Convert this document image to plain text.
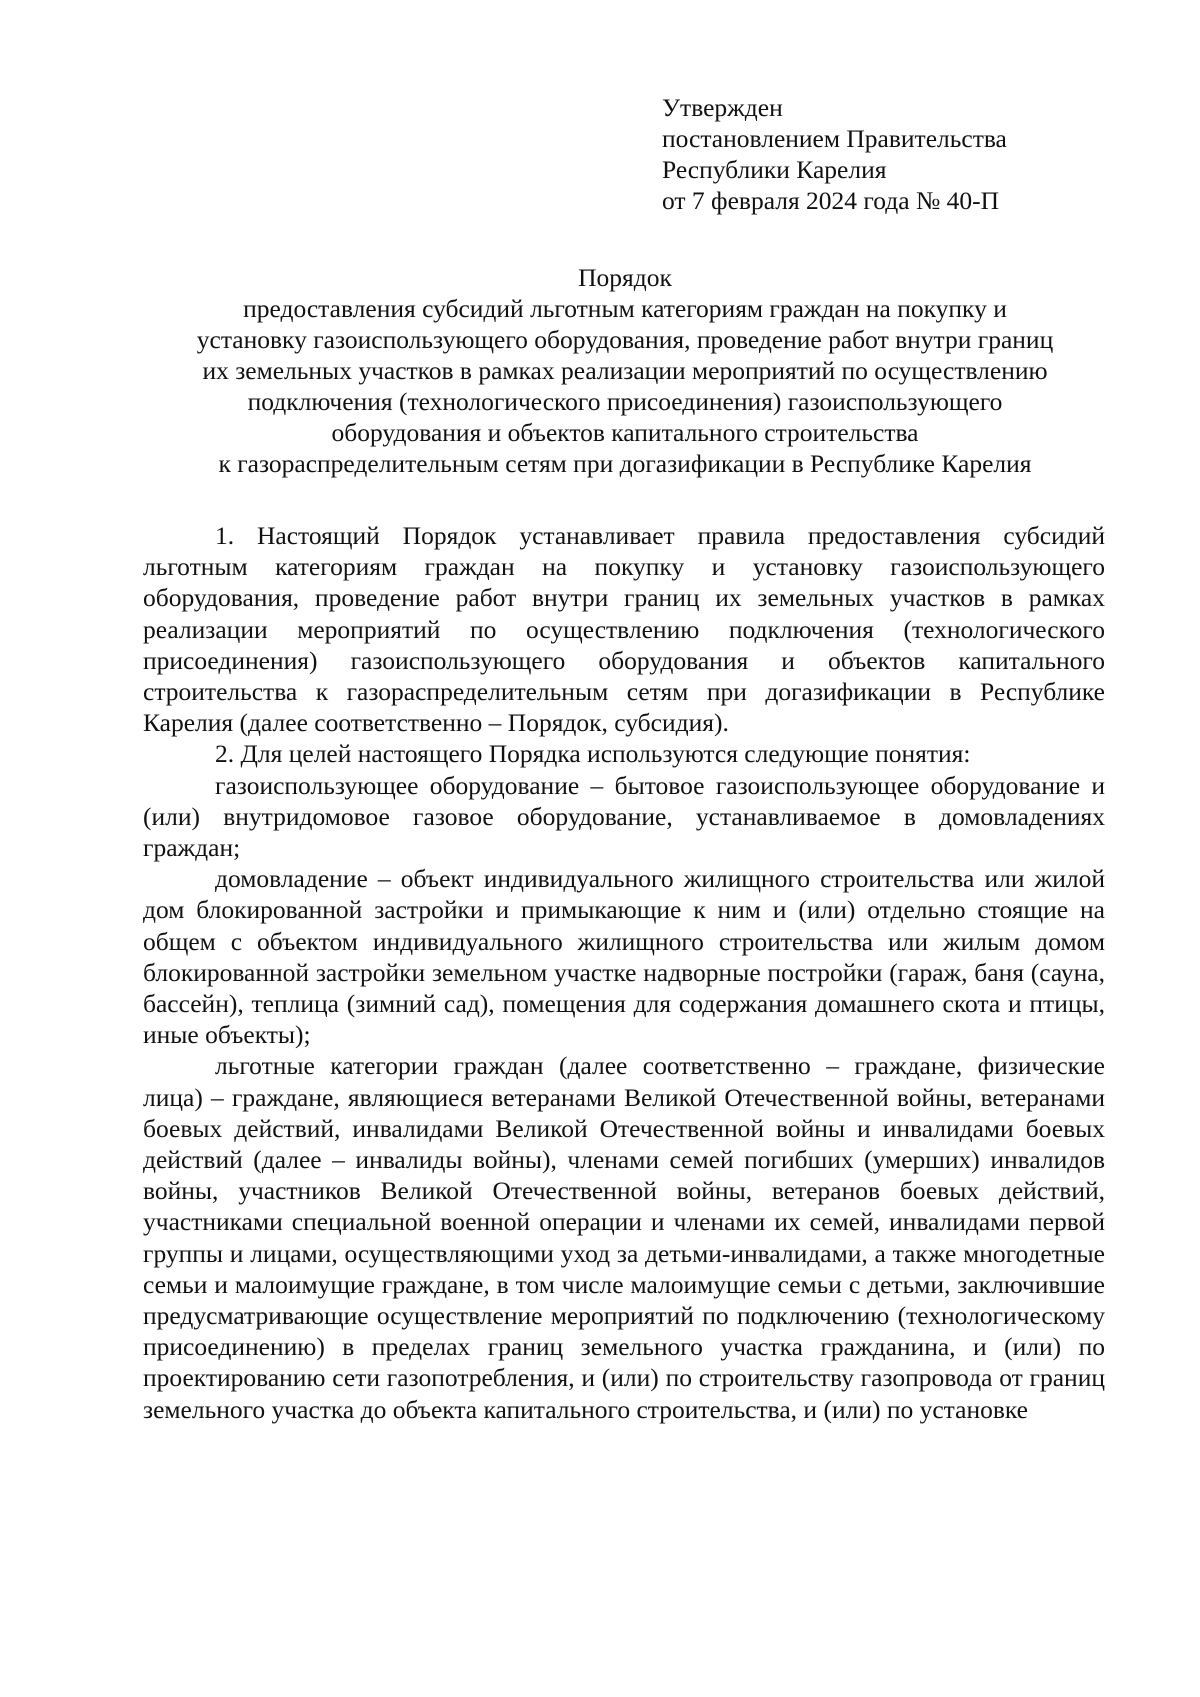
Утвержден
постановлением Правительства
Республики Карелия
от 7 февраля 2024 года № 40-П
Порядок
предоставления субсидий льготным категориям граждан на покупку и
установку газоиспользующего оборудования, проведение работ внутри границ
их земельных участков в рамках реализации мероприятий по осуществлению
подключения (технологического присоединения) газоиспользующего
оборудования и объектов капитального строительства
к газораспределительным сетям при догазификации в Республике Карелия

1. Настоящий Порядок устанавливает правила предоставления субсидий льготным категориям граждан на покупку и установку газоиспользующего оборудования, проведение работ внутри границ их земельных участков в рамках реализации мероприятий по осуществлению подключения (технологического присоединения) газоиспользующего оборудования и объектов капитального строительства к газораспределительным сетям при догазификации в Республике Карелия (далее соответственно – Порядок, субсидия).

2. Для целей настоящего Порядка используются следующие понятия:

газоиспользующее оборудование – бытовое газоиспользующее оборудование и (или) внутридомовое газовое оборудование, устанавливаемое в домовладениях граждан;

домовладение – объект индивидуального жилищного строительства или жилой дом блокированной застройки и примыкающие к ним и (или) отдельно стоящие на общем с объектом индивидуального жилищного строительства или жилым домом блокированной застройки земельном участке надворные постройки (гараж, баня (сауна, бассейн), теплица (зимний сад), помещения для содержания домашнего скота и птицы, иные объекты);

льготные категории граждан (далее соответственно – граждане, физические лица) – граждане, являющиеся ветеранами Великой Отечественной войны, ветеранами боевых действий, инвалидами Великой Отечественной войны и инвалидами боевых действий (далее – инвалиды войны), членами семей погибших (умерших) инвалидов войны, участников Великой Отечественной войны, ветеранов боевых действий, участниками специальной военной операции и членами их семей, инвалидами первой группы и лицами, осуществляющими уход за детьми-инвалидами, а также многодетные семьи и малоимущие граждане, в том числе малоимущие семьи с детьми, заключившие предусматривающие осуществление мероприятий по подключению (технологическому присоединению) в пределах границ земельного участка гражданина, и (или) по проектированию сети газопотребления, и (или) по строительству газопровода от границ земельного участка до объекта капитального строительства, и (или) по установке
